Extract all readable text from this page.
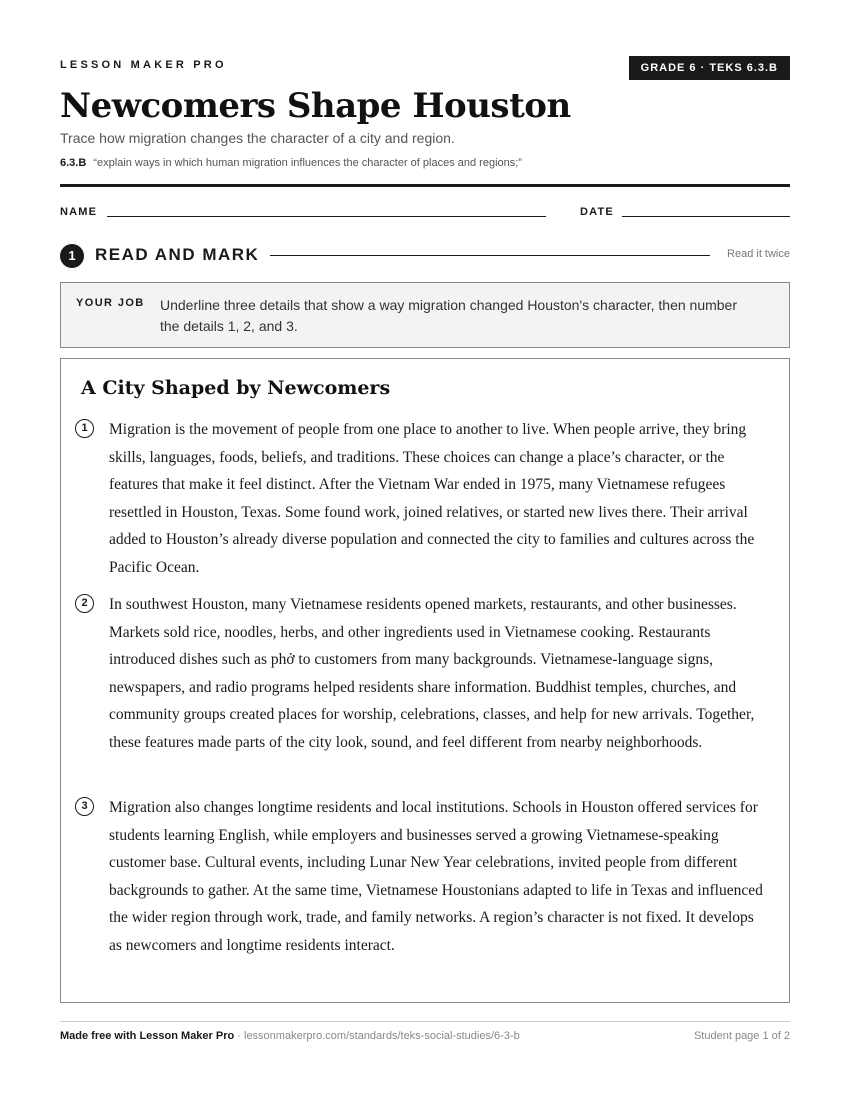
LESSON MAKER PRO	GRADE 6 · TEKS 6.3.B
Newcomers Shape Houston
Trace how migration changes the character of a city and region.
6.3.B “explain ways in which human migration influences the character of places and regions;”
NAME	DATE
1	READ AND MARK	Read it twice
YOUR JOB Underline three details that show a way migration changed Houston's character, then number the details 1, 2, and 3.
A City Shaped by Newcomers
1	Migration is the movement of people from one place to another to live. When people arrive, they bring skills, languages, foods, beliefs, and traditions. These choices can change a place’s character, or the features that make it feel distinct. After the Vietnam War ended in 1975, many Vietnamese refugees resettled in Houston, Texas. Some found work, joined relatives, or started new lives there. Their arrival added to Houston’s already diverse population and connected the city to families and cultures across the Pacific Ocean.
2	In southwest Houston, many Vietnamese residents opened markets, restaurants, and other businesses. Markets sold rice, noodles, herbs, and other ingredients used in Vietnamese cooking. Restaurants introduced dishes such as phở to customers from many backgrounds. Vietnamese-language signs, newspapers, and radio programs helped residents share information. Buddhist temples, churches, and community groups created places for worship, celebrations, classes, and help for new arrivals. Together, these features made parts of the city look, sound, and feel different from nearby neighborhoods.
3	Migration also changes longtime residents and local institutions. Schools in Houston offered services for students learning English, while employers and businesses served a growing Vietnamese-speaking customer base. Cultural events, including Lunar New Year celebrations, invited people from different backgrounds to gather. At the same time, Vietnamese Houstonians adapted to life in Texas and influenced the wider region through work, trade, and family networks. A region’s character is not fixed. It develops as newcomers and longtime residents interact.
Made free with Lesson Maker Pro · lessonmakerpro.com/standards/teks-social-studies/6-3-b	Student page 1 of 2
